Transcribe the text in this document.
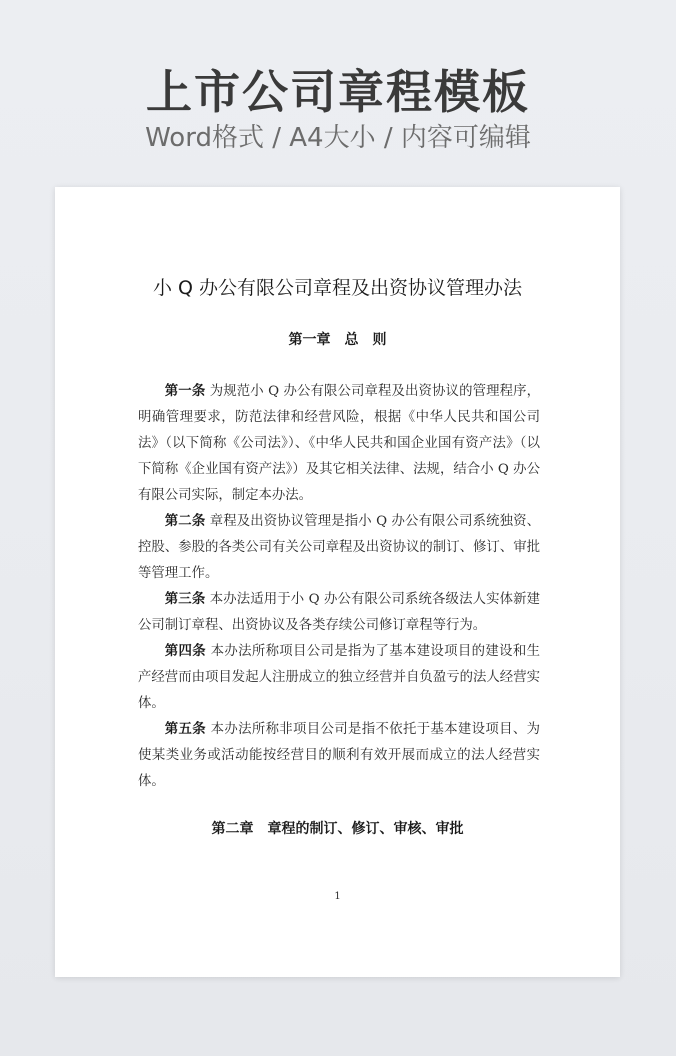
上市公司章程模板
Word格式 / A4大小 / 内容可编辑
小 Q 办公有限公司章程及出资协议管理办法
第一章　总　则

第一条 为规范小 Q 办公有限公司章程及出资协议的管理程序，明确管理要求，防范法律和经营风险，根据《中华人民共和国公司法》（以下简称《公司法》）、《中华人民共和国企业国有资产法》（以下简称《企业国有资产法》）及其它相关法律、法规，结合小 Q 办公有限公司实际，制定本办法。

第二条 章程及出资协议管理是指小 Q 办公有限公司系统独资、控股、参股的各类公司有关公司章程及出资协议的制订、修订、审批等管理工作。

第三条 本办法适用于小 Q 办公有限公司系统各级法人实体新建公司制订章程、出资协议及各类存续公司修订章程等行为。

第四条 本办法所称项目公司是指为了基本建设项目的建设和生产经营而由项目发起人注册成立的独立经营并自负盈亏的法人经营实体。

第五条 本办法所称非项目公司是指不依托于基本建设项目、为使某类业务或活动能按经营目的顺利有效开展而成立的法人经营实体。

第二章　章程的制订、修订、审核、审批
1
